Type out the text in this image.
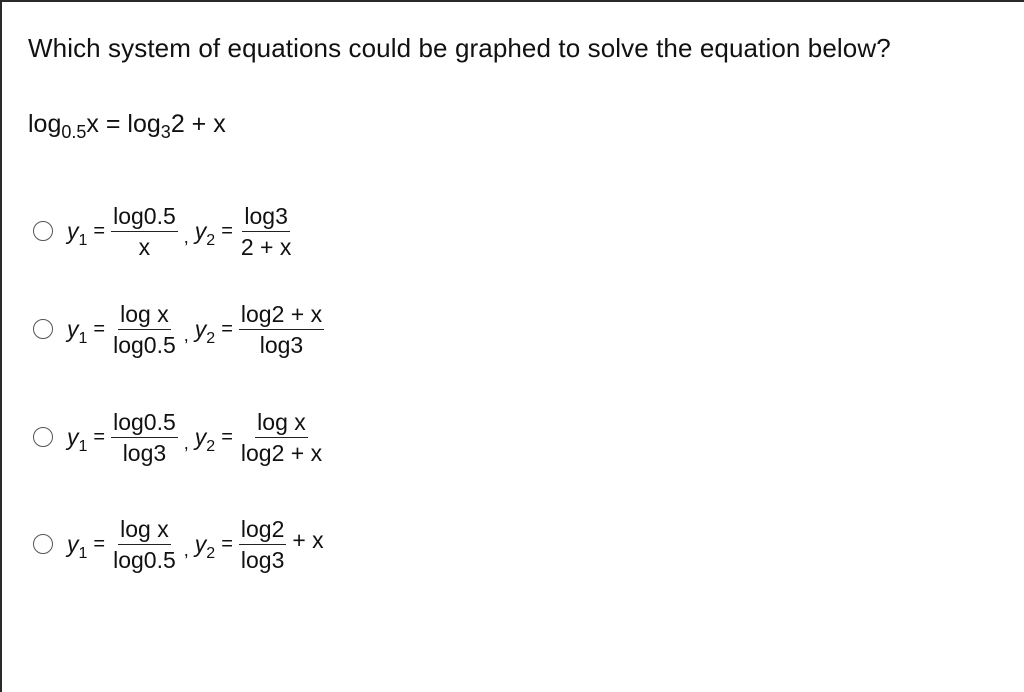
Which system of equations could be graphed to solve the equation below?
$\log_{0.5}x = \log_32 + x$
$y_1 = \frac{\log 0.5}{x}$ , $y_2 = \frac{\log 3}{2 + x}$
$y_1 = \frac{\text{log x}}{\log 0.5}$ , $y_2 = \frac{\log 2 + x}{\log 3}$
$y_1 = \frac{\log 0.5}{\log 3}$ , $y_2 = \frac{\text{log x}}{\log 2 + x}$
$y_1 = \frac{\text{log x}}{\log 0.5}$ , $y_2 = \frac{\log 2}{\log 3} + x$
